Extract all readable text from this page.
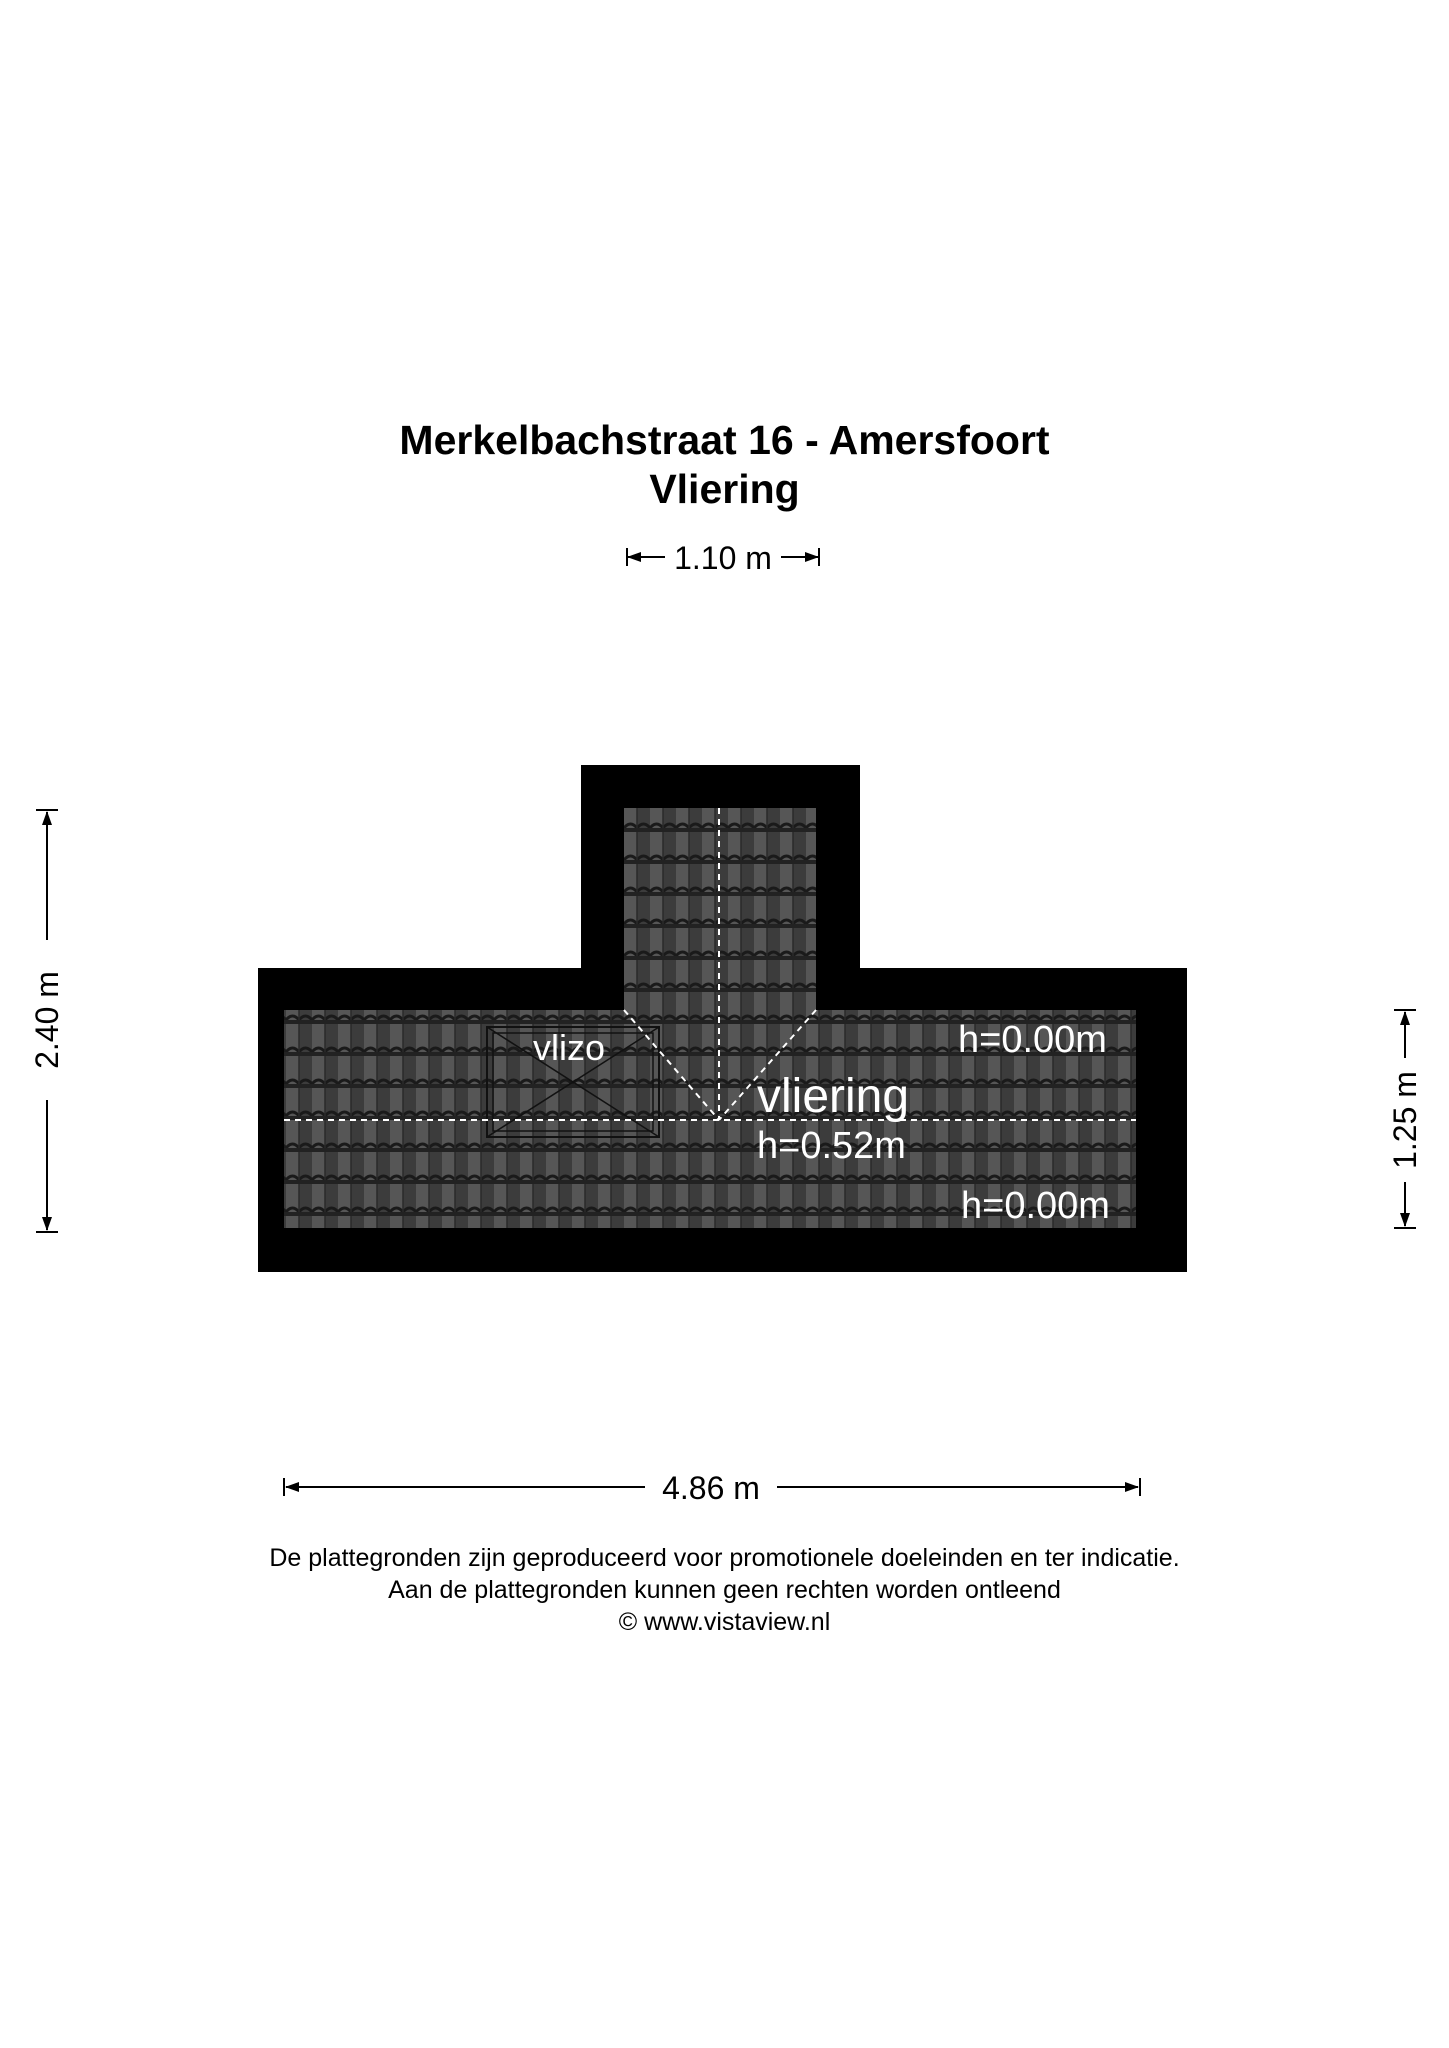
Merkelbachstraat 16 - Amersfoort
Vliering
vlizo
vliering
h=0.52m
h=0.00m
h=0.00m
1.10 m
2.40 m
1.25 m
4.86 m
De plattegronden zijn geproduceerd voor promotionele doeleinden en ter indicatie.
Aan de plattegronden kunnen geen rechten worden ontleend
© www.vistaview.nl
